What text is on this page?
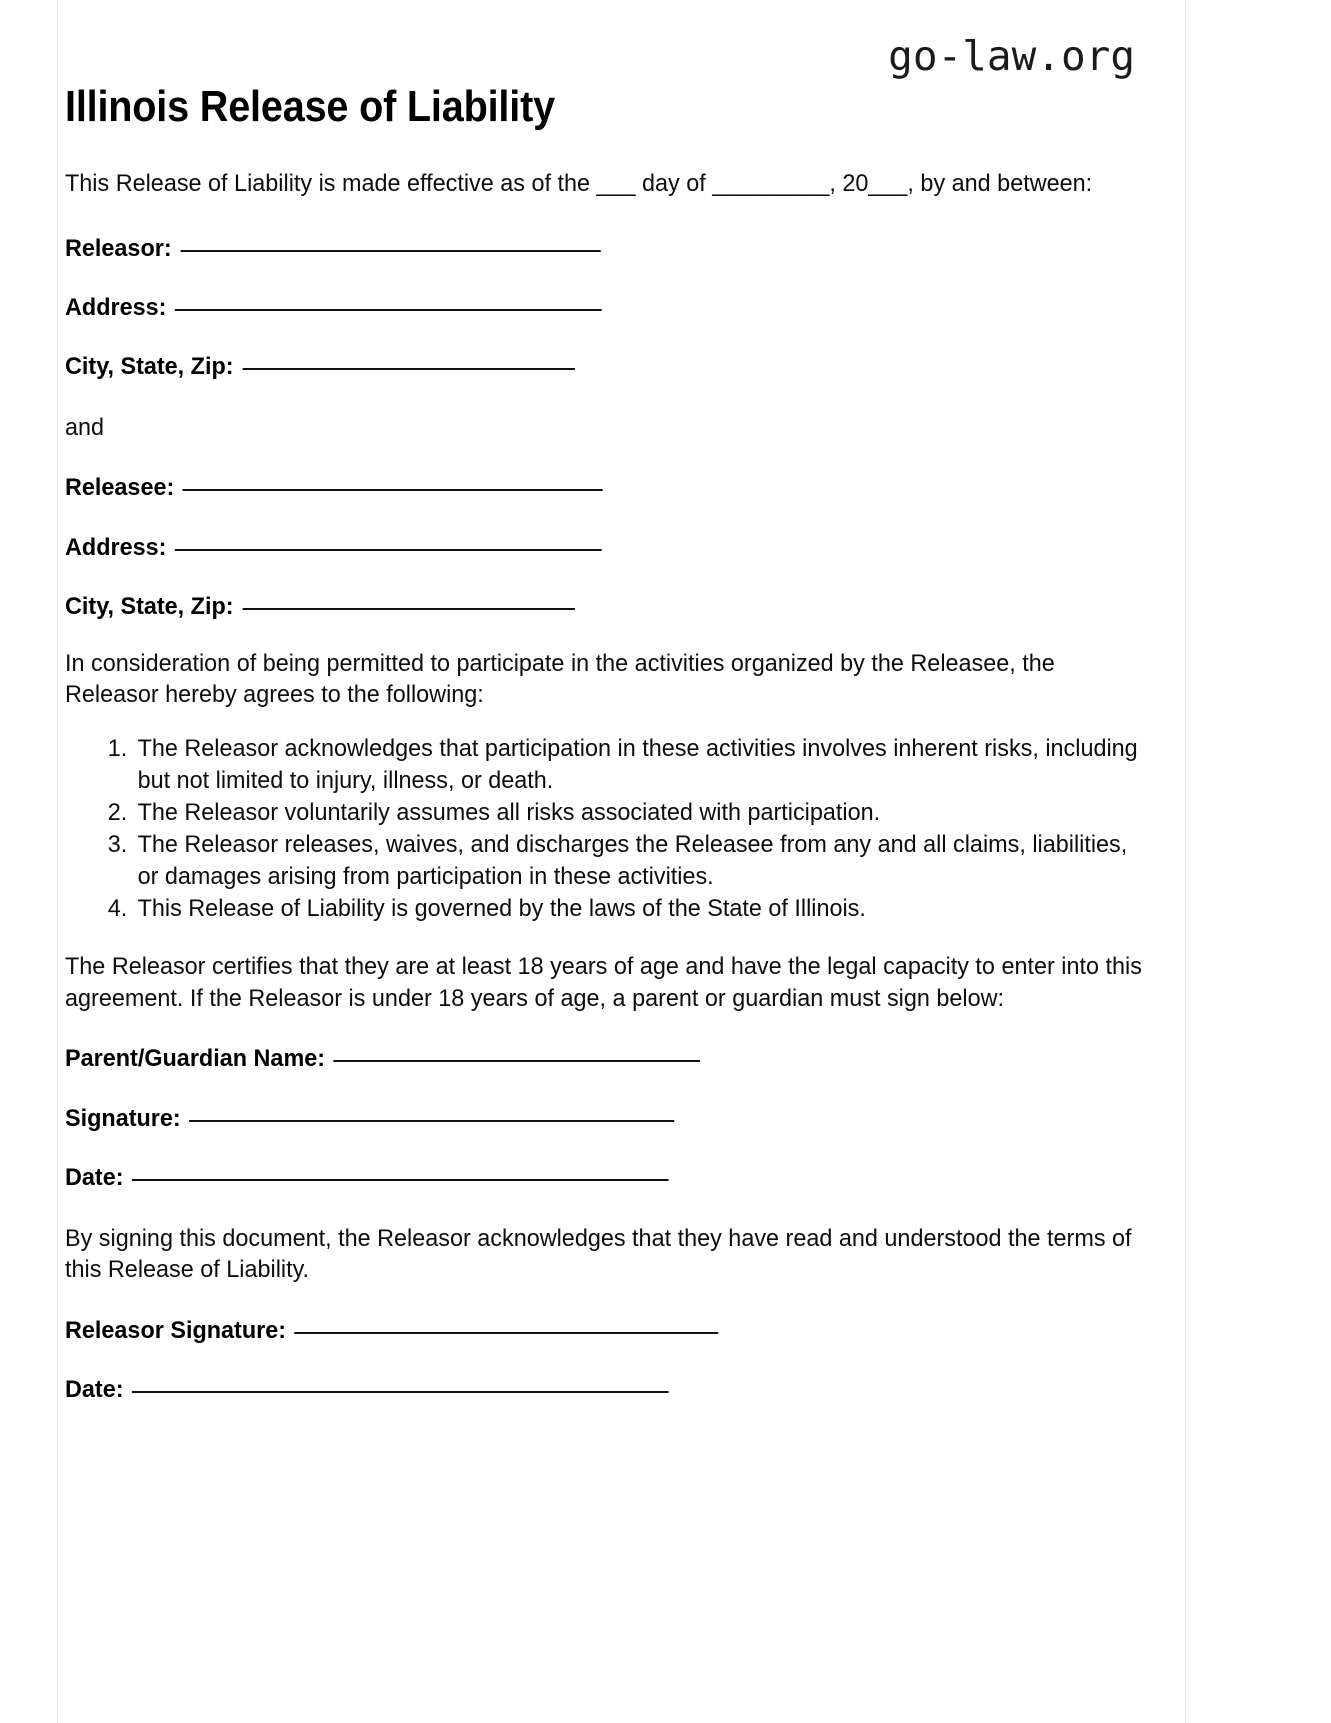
go-law.org
Illinois Release of Liability

This Release of Liability is made effective as of the ___ day of _________, 20___, by and between:

Releasor:
Address:
City, State, Zip:

and

Releasee:
Address:
City, State, Zip:

In consideration of being permitted to participate in the activities organized by the Releasee, the Releasor hereby agrees to the following:

1. The Releasor acknowledges that participation in these activities involves inherent risks, including but not limited to injury, illness, or death.
2. The Releasor voluntarily assumes all risks associated with participation.
3. The Releasor releases, waives, and discharges the Releasee from any and all claims, liabilities, or damages arising from participation in these activities.
4. This Release of Liability is governed by the laws of the State of Illinois.

The Releasor certifies that they are at least 18 years of age and have the legal capacity to enter into this agreement. If the Releasor is under 18 years of age, a parent or guardian must sign below:

Parent/Guardian Name:
Signature:
Date:

By signing this document, the Releasor acknowledges that they have read and understood the terms of this Release of Liability.

Releasor Signature:
Date:
